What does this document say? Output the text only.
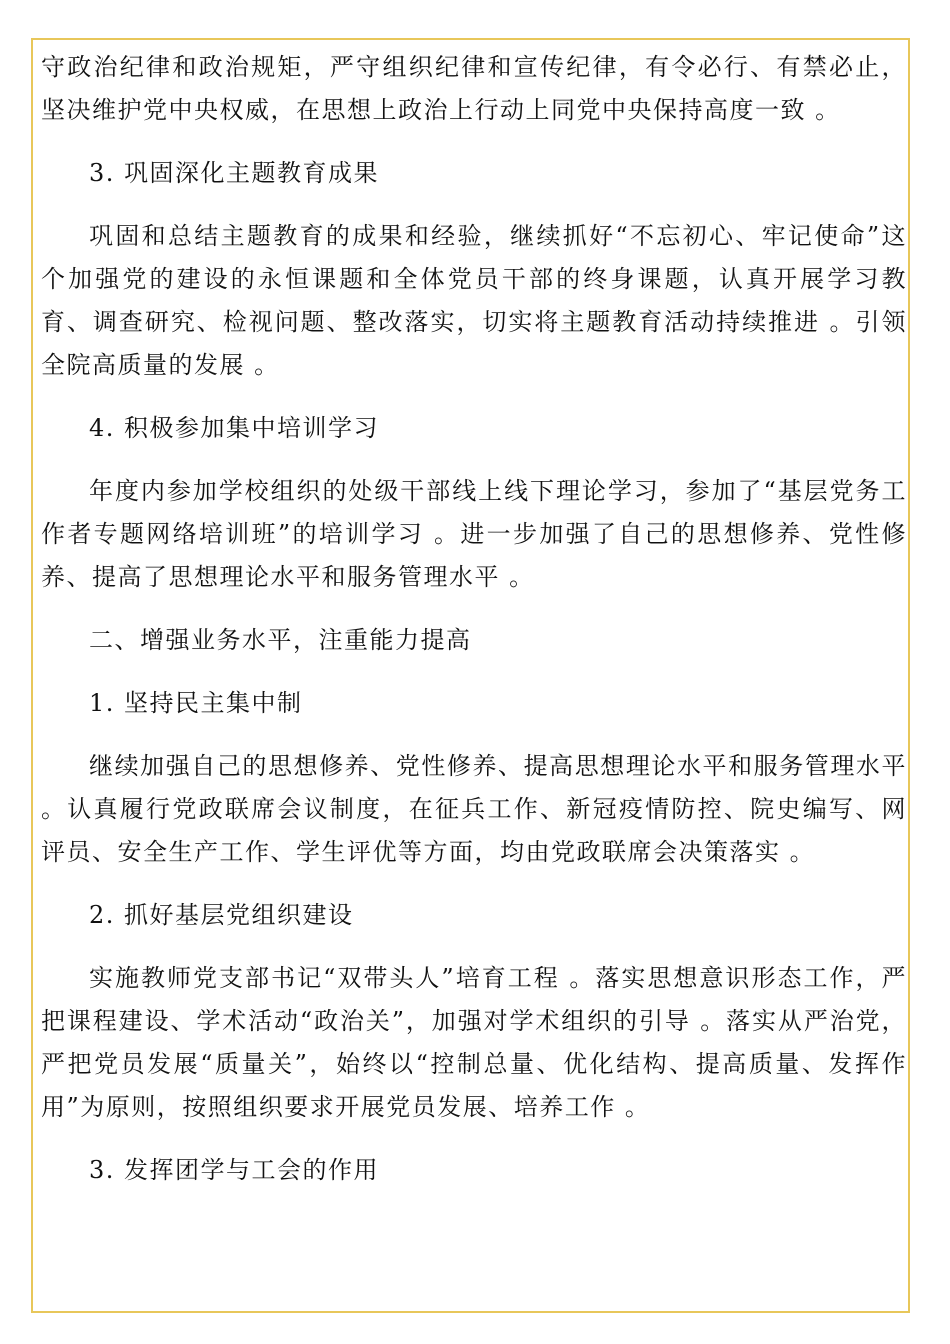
守政治纪律和政治规矩，严守组织纪律和宣传纪律，有令必行、有禁必止，坚决维护党中央权威，在思想上政治上行动上同党中央保持高度一致 。

3. 巩固深化主题教育成果

巩固和总结主题教育的成果和经验，继续抓好“不忘初心、牢记使命”这个加强党的建设的永恒课题和全体党员干部的终身课题，认真开展学习教育、调查研究、检视问题、整改落实，切实将主题教育活动持续推进 。引领全院高质量的发展 。

4. 积极参加集中培训学习

年度内参加学校组织的处级干部线上线下理论学习，参加了“基层党务工作者专题网络培训班”的培训学习 。进一步加强了自己的思想修养、党性修养、提高了思想理论水平和服务管理水平 。

二、增强业务水平，注重能力提高

1. 坚持民主集中制

继续加强自己的思想修养、党性修养、提高思想理论水平和服务管理水平 。认真履行党政联席会议制度，在征兵工作、新冠疫情防控、院史编写、网评员、安全生产工作、学生评优等方面，均由党政联席会决策落实 。

2. 抓好基层党组织建设

实施教师党支部书记“双带头人”培育工程 。落实思想意识形态工作，严把课程建设、学术活动“政治关”，加强对学术组织的引导 。落实从严治党，严把党员发展“质量关”，始终以“控制总量、优化结构、提高质量、发挥作用”为原则，按照组织要求开展党员发展、培养工作 。

3. 发挥团学与工会的作用
